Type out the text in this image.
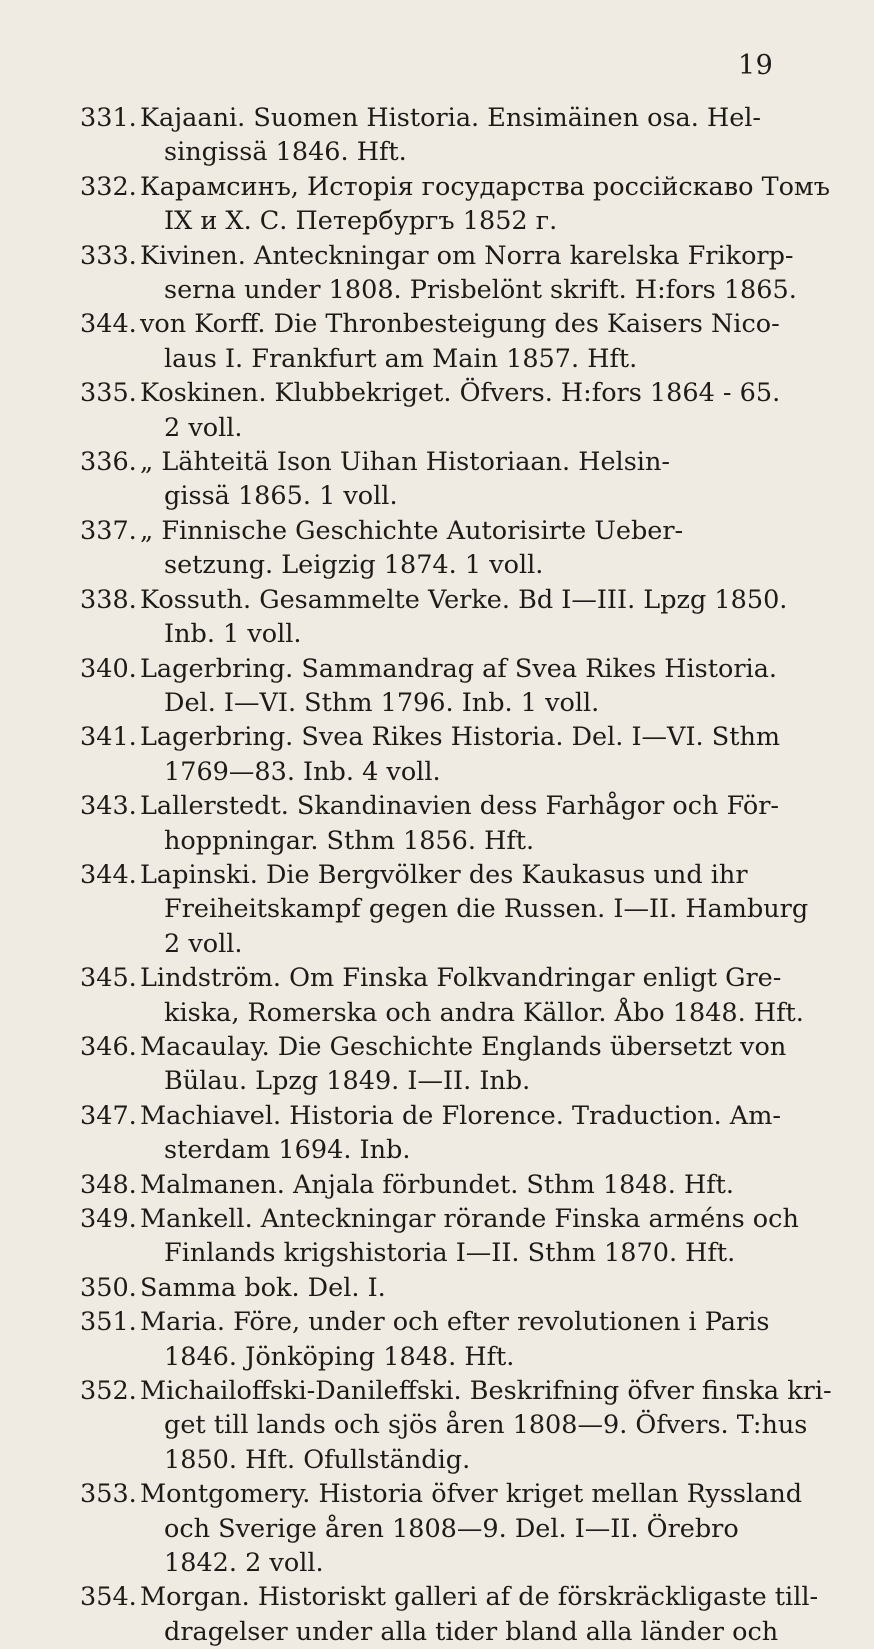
19
331. Kajaani. Suomen Historia. Ensimäinen osa. Hel-
singissä 1846. Hft.
332. Карамсинъ, Исторія государства россійскаво Томъ
IX и X. С. Петербургъ 1852 г.
333. Kivinen. Anteckningar om Norra karelska Frikorp-
serna under 1808. Prisbelönt skrift. H:fors 1865.
344. von Korff. Die Thronbesteigung des Kaisers Nico-
laus I. Frankfurt am Main 1857. Hft.
335. Koskinen. Klubbekriget. Öfvers. H:fors 1864 - 65.
2 voll.
336. „ Lähteitä Ison Uihan Historiaan. Helsin-
gissä 1865. 1 voll.
337. „ Finnische Geschichte Autorisirte Ueber-
setzung. Leigzig 1874. 1 voll.
338. Kossuth. Gesammelte Verke. Bd I—III. Lpzg 1850.
Inb. 1 voll.
340. Lagerbring. Sammandrag af Svea Rikes Historia.
Del. I—VI. Sthm 1796. Inb. 1 voll.
341. Lagerbring. Svea Rikes Historia. Del. I—VI. Sthm
1769—83. Inb. 4 voll.
343. Lallerstedt. Skandinavien dess Farhågor och För-
hoppningar. Sthm 1856. Hft.
344. Lapinski. Die Bergvölker des Kaukasus und ihr
Freiheitskampf gegen die Russen. I—II. Hamburg
2 voll.
345. Lindström. Om Finska Folkvandringar enligt Gre-
kiska, Romerska och andra Källor. Åbo 1848. Hft.
346. Macaulay. Die Geschichte Englands übersetzt von
Bülau. Lpzg 1849. I—II. Inb.
347. Machiavel. Historia de Florence. Traduction. Am-
sterdam 1694. Inb.
348. Malmanen. Anjala förbundet. Sthm 1848. Hft.
349. Mankell. Anteckningar rörande Finska arméns och
Finlands krigshistoria I—II. Sthm 1870. Hft.
350. Samma bok. Del. I.
351. Maria. Före, under och efter revolutionen i Paris
1846. Jönköping 1848. Hft.
352. Michailoffski-Danileffski. Beskrifning öfver finska kri-
get till lands och sjös åren 1808—9. Öfvers. T:hus
1850. Hft. Ofullständig.
353. Montgomery. Historia öfver kriget mellan Ryssland
och Sverige åren 1808—9. Del. I—II. Örebro
1842. 2 voll.
354. Morgan. Historiskt galleri af de förskräckligaste till-
dragelser under alla tider bland alla länder och
